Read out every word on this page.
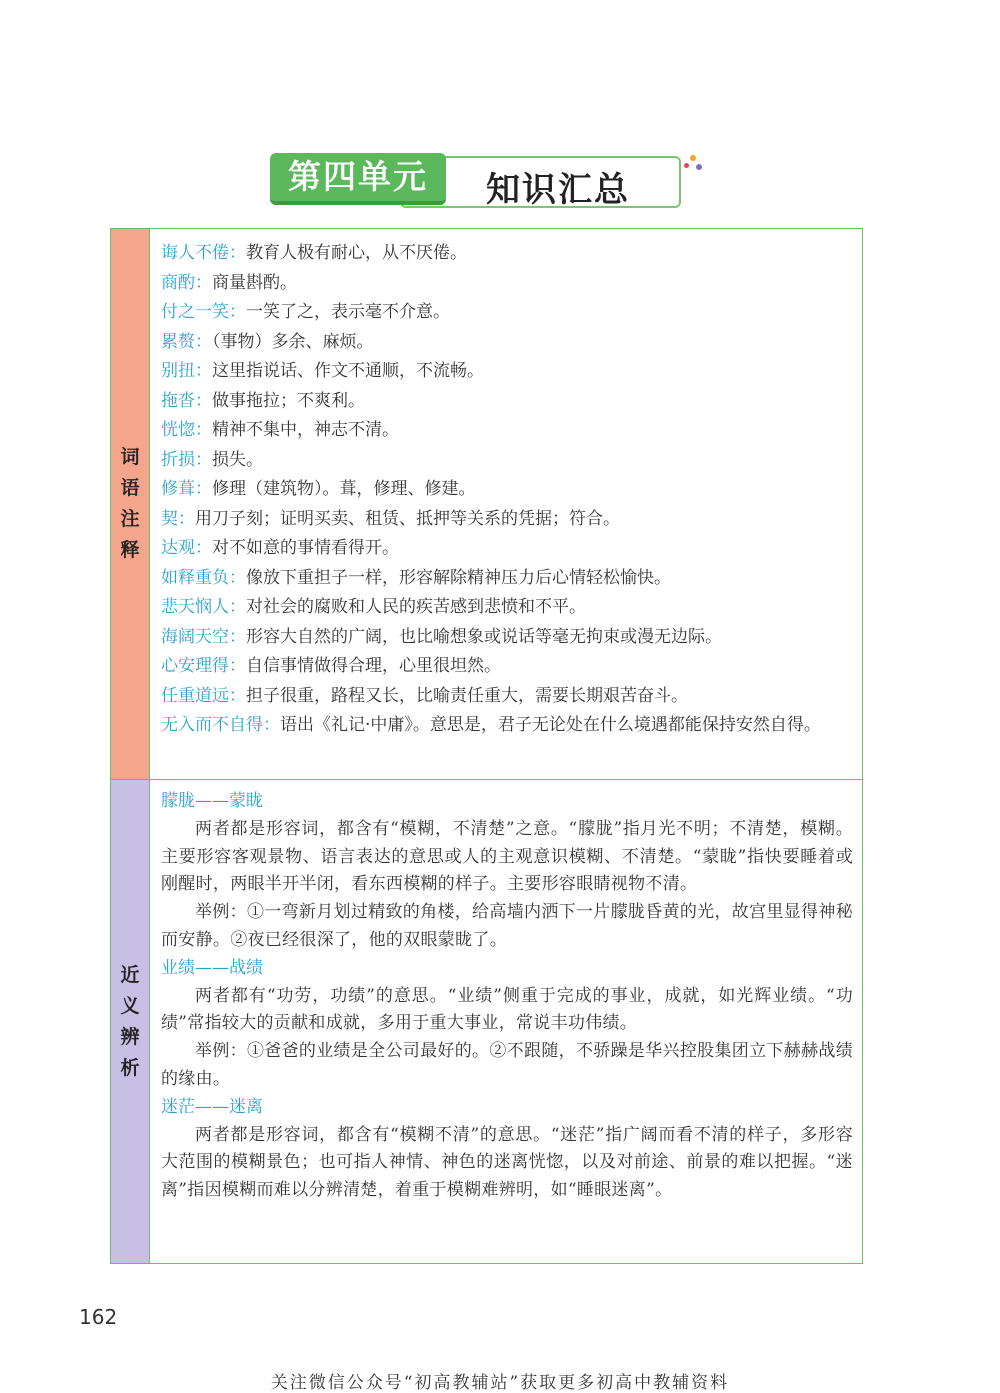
知识汇总
第四单元
词语注释

诲人不倦：教育人极有耐心，从不厌倦。

商酌：商量斟酌。

付之一笑：一笑了之，表示毫不介意。

累赘：（事物）多余、麻烦。

别扭：这里指说话、作文不通顺，不流畅。

拖沓：做事拖拉；不爽利。

恍惚：精神不集中，神志不清。

折损：损失。

修葺：修理（建筑物）。葺，修理、修建。

契：用刀子刻；证明买卖、租赁、抵押等关系的凭据；符合。

达观：对不如意的事情看得开。

如释重负：像放下重担子一样，形容解除精神压力后心情轻松愉快。

悲天悯人：对社会的腐败和人民的疾苦感到悲愤和不平。

海阔天空：形容大自然的广阔，也比喻想象或说话等毫无拘束或漫无边际。

心安理得：自信事情做得合理，心里很坦然。

任重道远：担子很重，路程又长，比喻责任重大，需要长期艰苦奋斗。

无入而不自得：语出《礼记·中庸》。意思是，君子无论处在什么境遇都能保持安然自得。

近义辨析

朦胧——蒙眬

两者都是形容词，都含有“模糊，不清楚”之意。“朦胧”指月光不明；不清楚，模糊。主要形容客观景物、语言表达的意思或人的主观意识模糊、不清楚。“蒙眬”指快要睡着或刚醒时，两眼半开半闭，看东西模糊的样子。主要形容眼睛视物不清。

举例：①一弯新月划过精致的角楼，给高墙内洒下一片朦胧昏黄的光，故宫里显得神秘而安静。②夜已经很深了，他的双眼蒙眬了。

业绩——战绩

两者都有“功劳，功绩”的意思。“业绩”侧重于完成的事业，成就，如光辉业绩。“功绩”常指较大的贡献和成就，多用于重大事业，常说丰功伟绩。

举例：①爸爸的业绩是全公司最好的。②不跟随，不骄躁是华兴控股集团立下赫赫战绩的缘由。

迷茫——迷离

两者都是形容词，都含有“模糊不清”的意思。“迷茫”指广阔而看不清的样子，多形容大范围的模糊景色；也可指人神情、神色的迷离恍惚，以及对前途、前景的难以把握。“迷离”指因模糊而难以分辨清楚，着重于模糊难辨明，如“睡眼迷离”。

162
关注微信公众号“初高教辅站”获取更多初高中教辅资料
